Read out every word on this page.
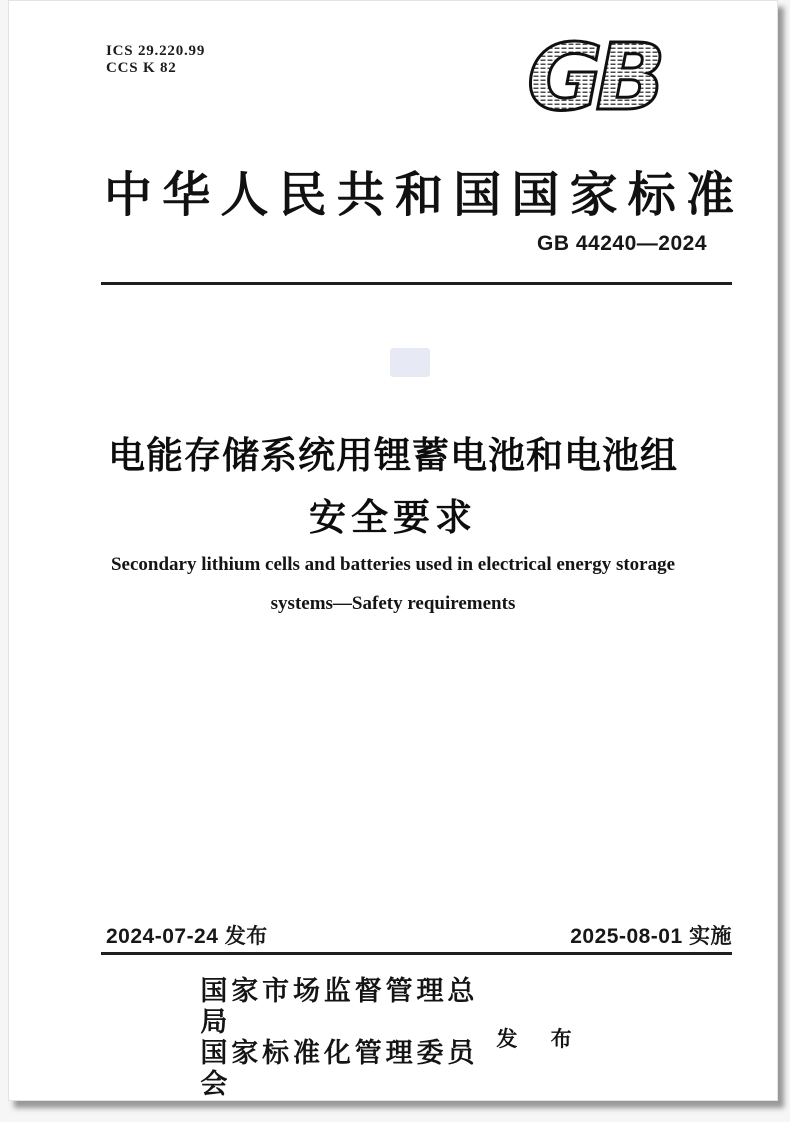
ICS 29.220.99
CCS K 82	GB
中华人民共和国国家标准
GB 44240—2024
电能存储系统用锂蓄电池和电池组
安全要求
Secondary lithium cells and batteries used in electrical energy storage
systems—Safety requirements
2024-07-24 发布	2025-08-01 实施
国家市场监督管理总局
国家标准化管理委员会
发 布
